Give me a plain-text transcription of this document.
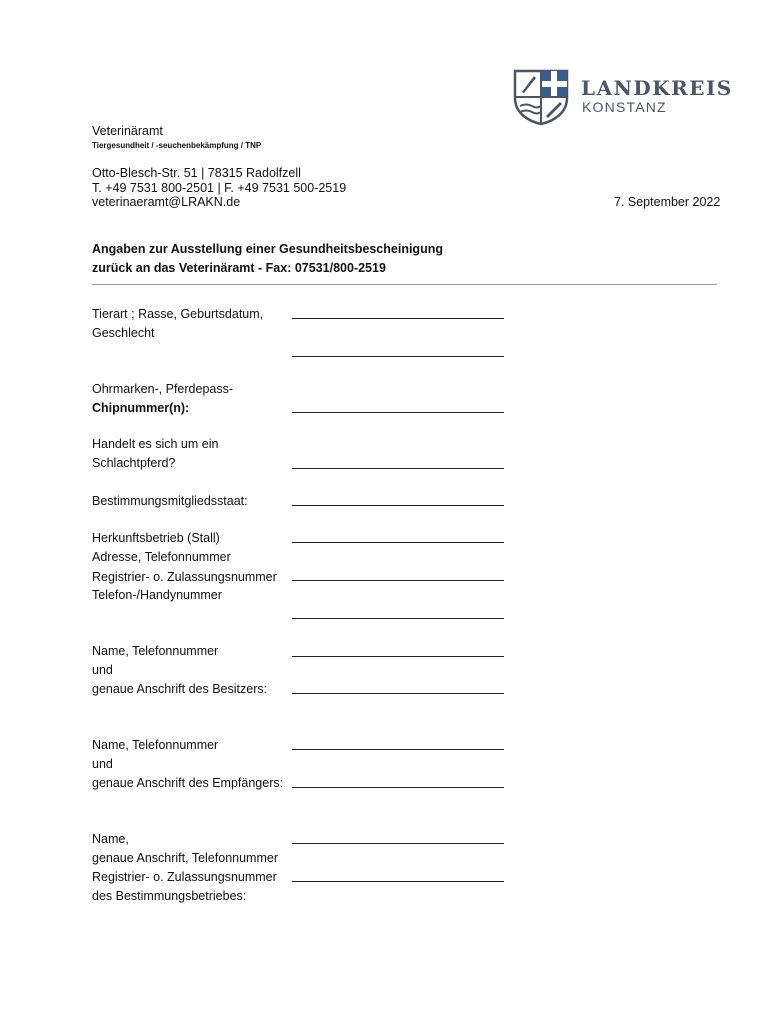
LANDKREIS
KONSTANZ
Veterinäramt
Tiergesundheit / -seuchenbekämpfung / TNP
Otto-Blesch-Str. 51 | 78315 Radolfzell
T. +49 7531 800-2501 | F. +49 7531 500-2519
veterinaeramt@LRAKN.de	7. September 2022
Angaben zur Ausstellung einer Gesundheitsbescheinigung
zurück an das Veterinäramt - Fax: 07531/800-2519
Tierart ; Rasse, Geburtsdatum,
Geschlecht
Ohrmarken-, Pferdepass-
Chipnummer(n):
Handelt es sich um ein
Schlachtpferd?
Bestimmungsmitgliedsstaat:
Herkunftsbetrieb (Stall)
Adresse, Telefonnummer
Registrier- o. Zulassungsnummer
Telefon-/Handynummer
Name, Telefonnummer
und
genaue Anschrift des Besitzers:
Name, Telefonnummer
und
genaue Anschrift des Empfängers:
Name,
genaue Anschrift, Telefonnummer
Registrier- o. Zulassungsnummer
des Bestimmungsbetriebes:
